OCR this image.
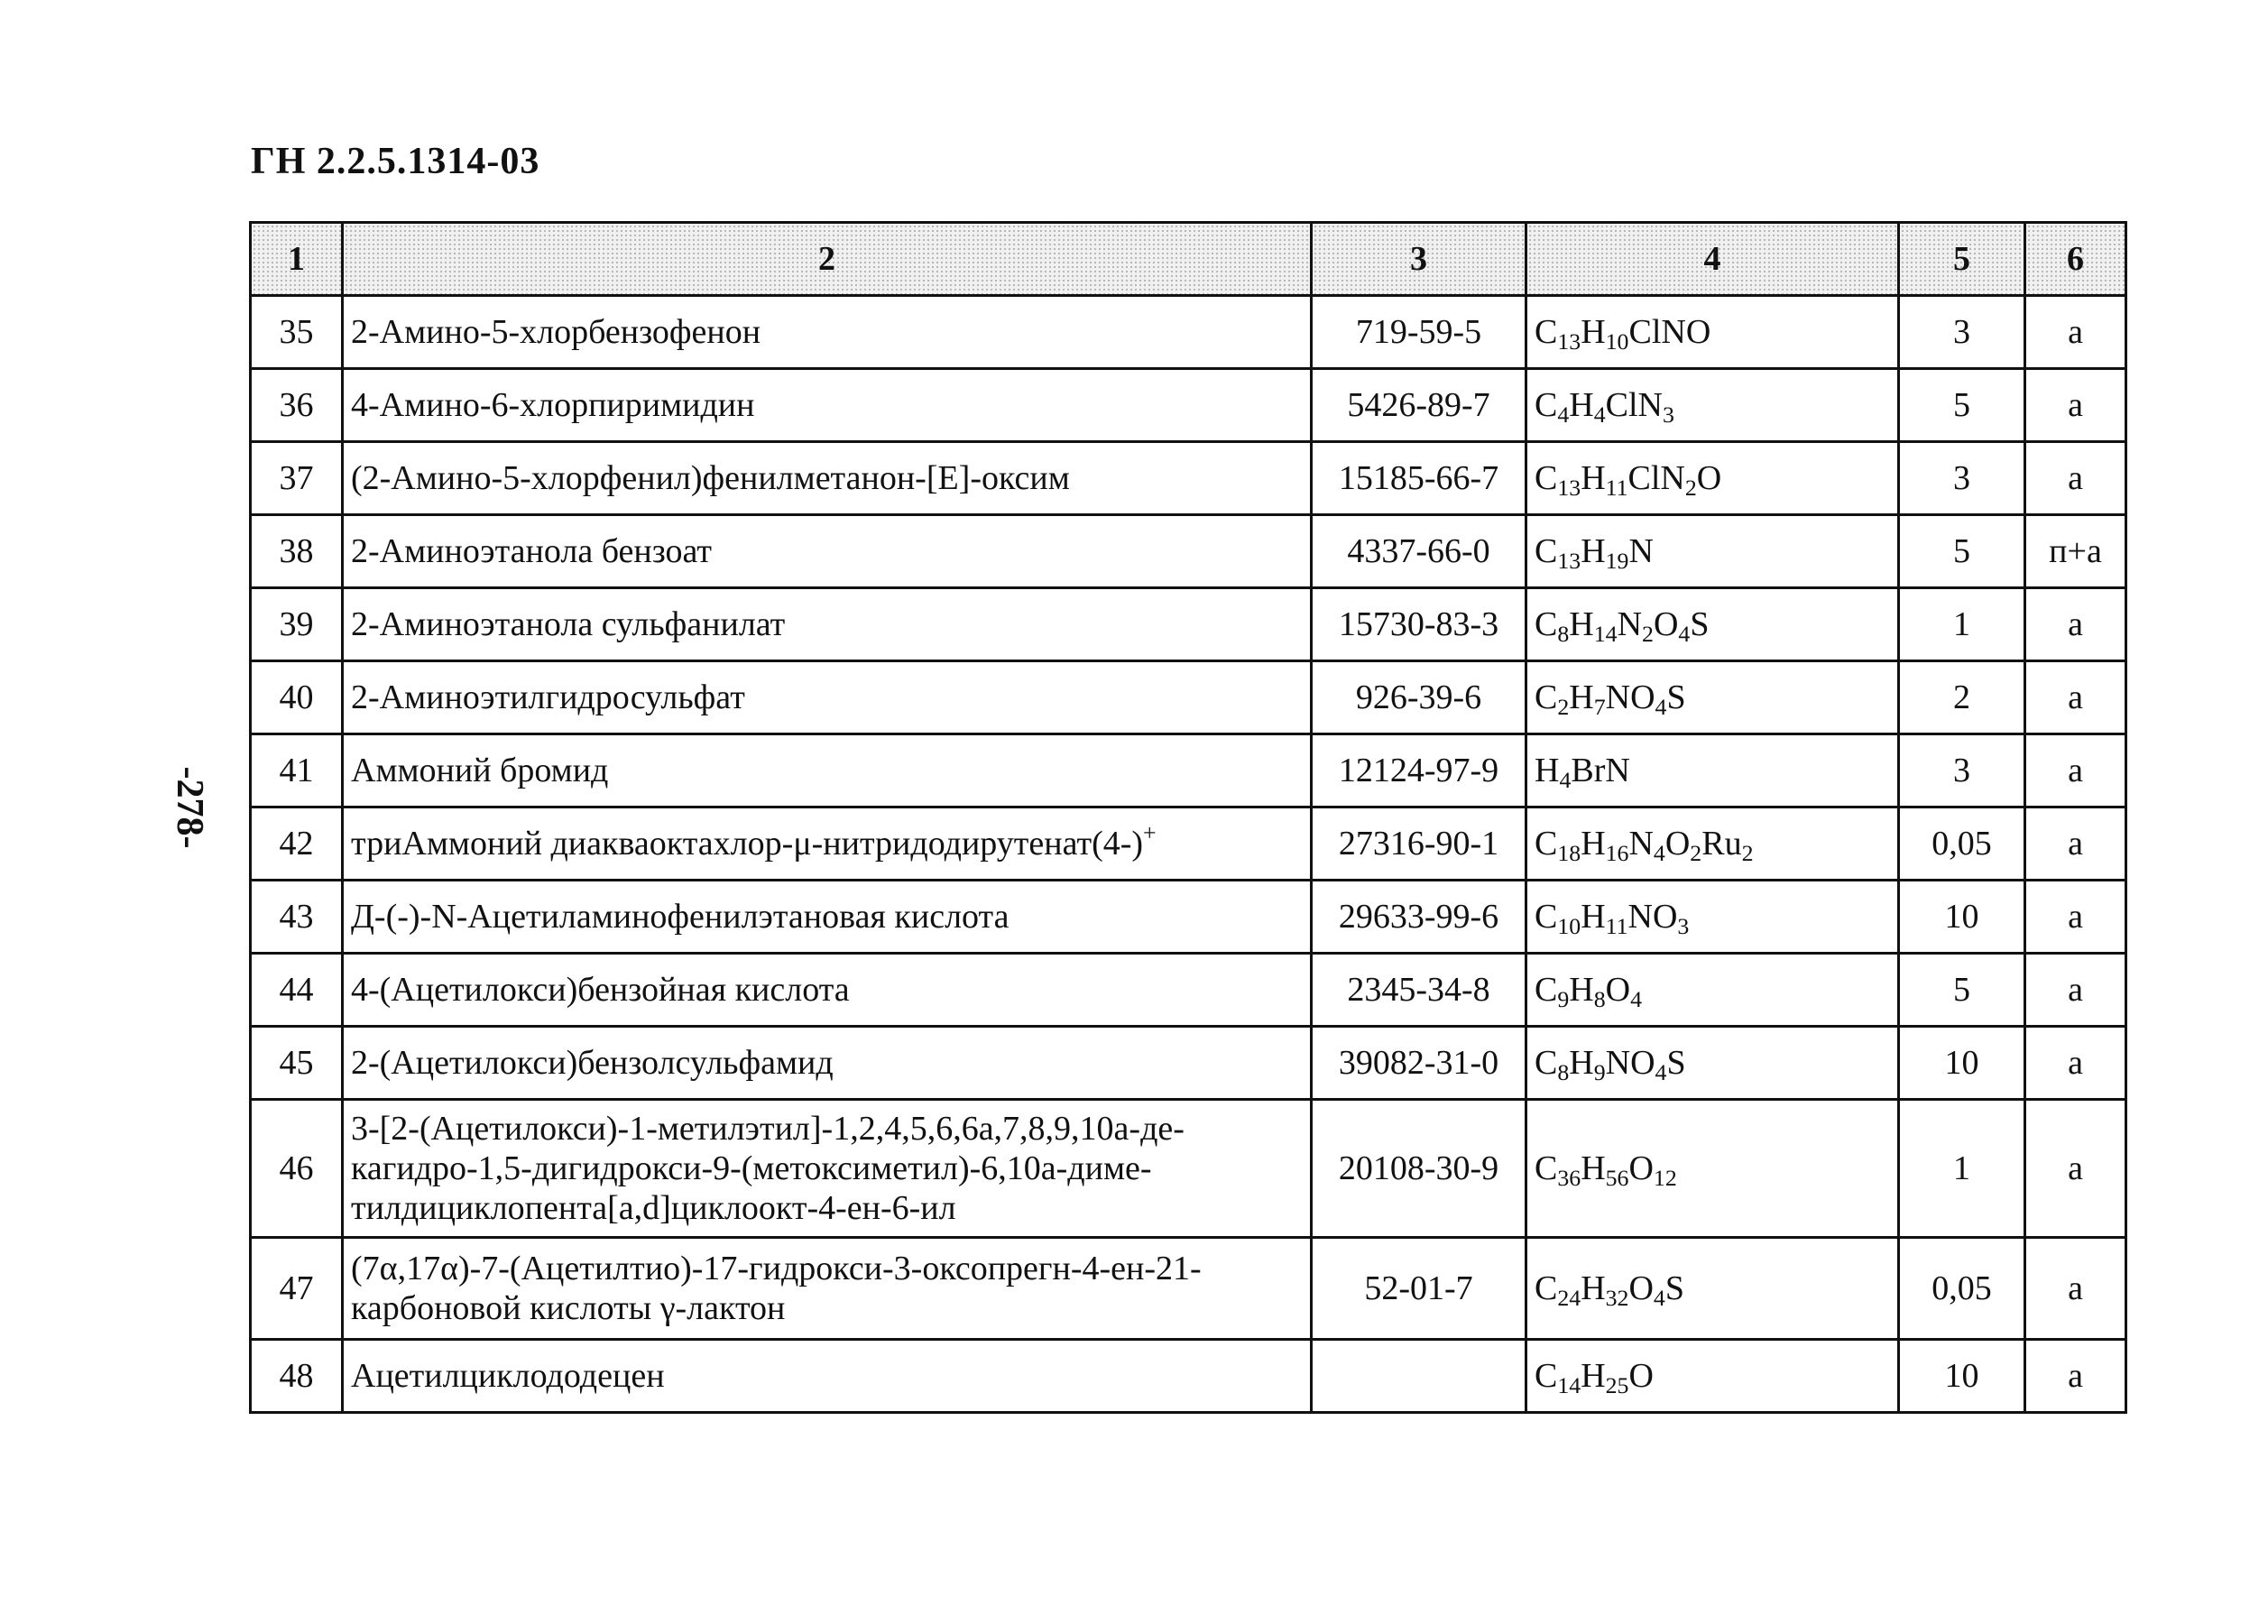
ГН 2.2.5.1314-03
-278-
1	2	3	4	5	6
35	2-Амино-5-хлорбензофенон	719-59-5	$C_{13}H_{10}ClNO$	3	а
36	4-Амино-6-хлорпиримидин	5426-89-7	$C_4H_4ClN_3$	5	а
37	(2-Амино-5-хлорфенил)фенилметанон-[E]-оксим	15185-66-7	$C_{13}H_{11}ClN_2O$	3	а
38	2-Аминоэтанола бензоат	4337-66-0	$C_{13}H_{19}N$	5	п+а
39	2-Аминоэтанола сульфанилат	15730-83-3	$C_8H_{14}N_2O_4S$	1	а
40	2-Аминоэтилгидросульфат	926-39-6	$C_2H_7NO_4S$	2	а
41	Аммоний бромид	12124-97-9	$H_4BrN$	3	а
42	триАммоний диакваоктахлор-μ-нитридодирутенат(4-)+	27316-90-1	$C_{18}H_{16}N_4O_2Ru_2$	0,05	а
43	Д-(-)-N-Ацетиламинофенилэтановая кислота	29633-99-6	$C_{10}H_{11}NO_3$	10	а
44	4-(Ацетилокси)бензойная кислота	2345-34-8	$C_9H_8O_4$	5	а
45	2-(Ацетилокси)бензолсульфамид	39082-31-0	$C_8H_9NO_4S$	10	а
46	3-[2-(Ацетилокси)-1-метилэтил]-1,2,4,5,6,6а,7,8,9,10а-де-кагидро-1,5-дигидрокси-9-(метоксиметил)-6,10а-диме-тилдициклопента[a,d]циклоокт-4-ен-6-ил	20108-30-9	$C_{36}H_{56}O_{12}$	1	а
47	(7α,17α)-7-(Ацетилтио)-17-гидрокси-3-оксопрегн-4-ен-21-карбоновой кислоты γ-лактон	52-01-7	$C_{24}H_{32}O_4S$	0,05	а
48	Ацетилциклододецен		$C_{14}H_{25}O$	10	а
